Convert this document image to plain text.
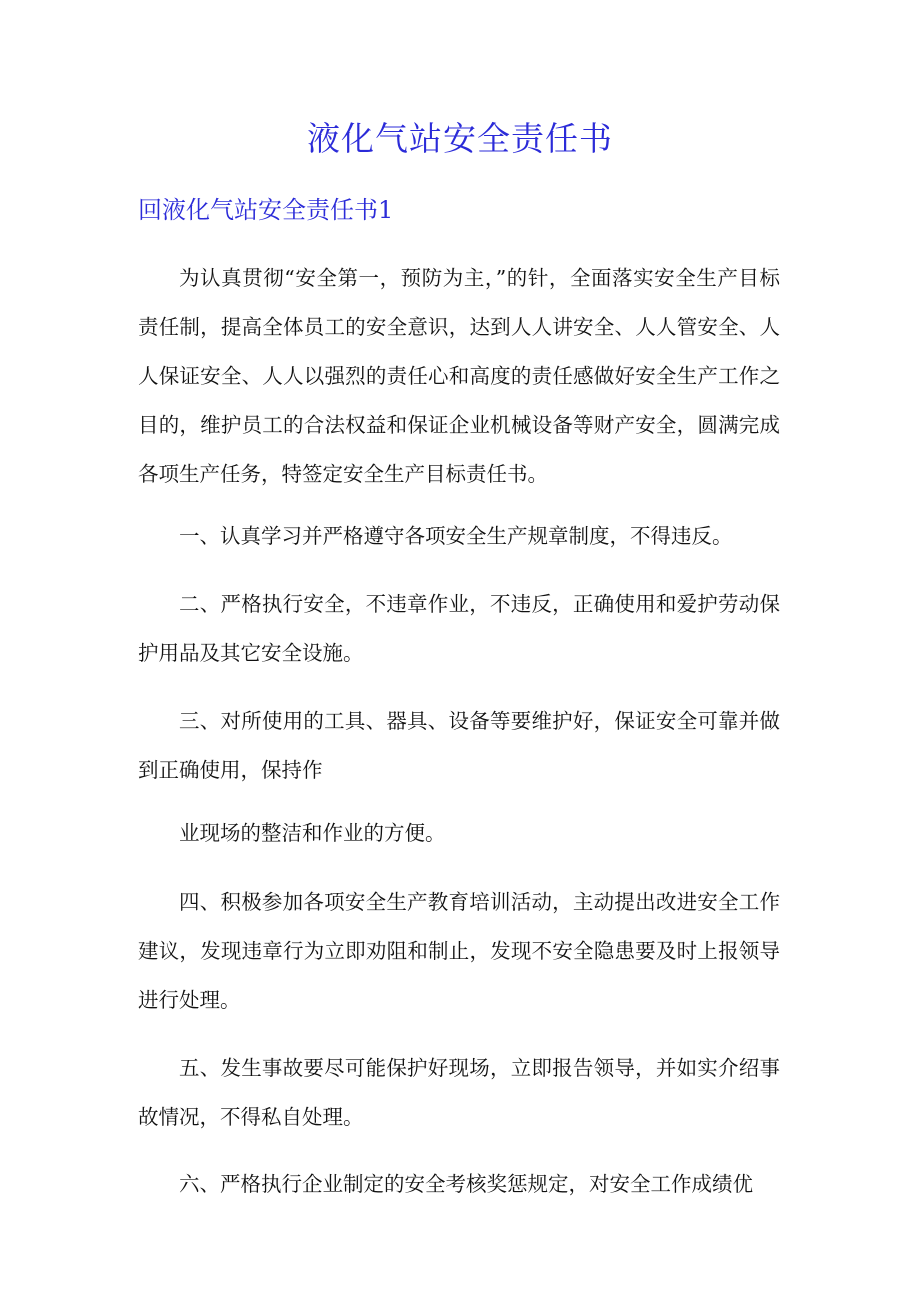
液化气站安全责任书
回液化气站安全责任书1

为认真贯彻“安全第一，预防为主，”的针，全面落实安全生产目标责任制，提高全体员工的安全意识，达到人人讲安全、人人管安全、人人保证安全、人人以强烈的责任心和高度的责任感做好安全生产工作之目的，维护员工的合法权益和保证企业机械设备等财产安全，圆满完成各项生产任务，特签定安全生产目标责任书。

一、认真学习并严格遵守各项安全生产规章制度，不得违反。

二、严格执行安全，不违章作业，不违反，正确使用和爱护劳动保护用品及其它安全设施。

三、对所使用的工具、器具、设备等要维护好，保证安全可靠并做到正确使用，保持作

业现场的整洁和作业的方便。

四、积极参加各项安全生产教育培训活动，主动提出改进安全工作建议，发现违章行为立即劝阻和制止，发现不安全隐患要及时上报领导进行处理。

五、发生事故要尽可能保护好现场，立即报告领导，并如实介绍事故情况，不得私自处理。

六、严格执行企业制定的安全考核奖惩规定，对安全工作成绩优
